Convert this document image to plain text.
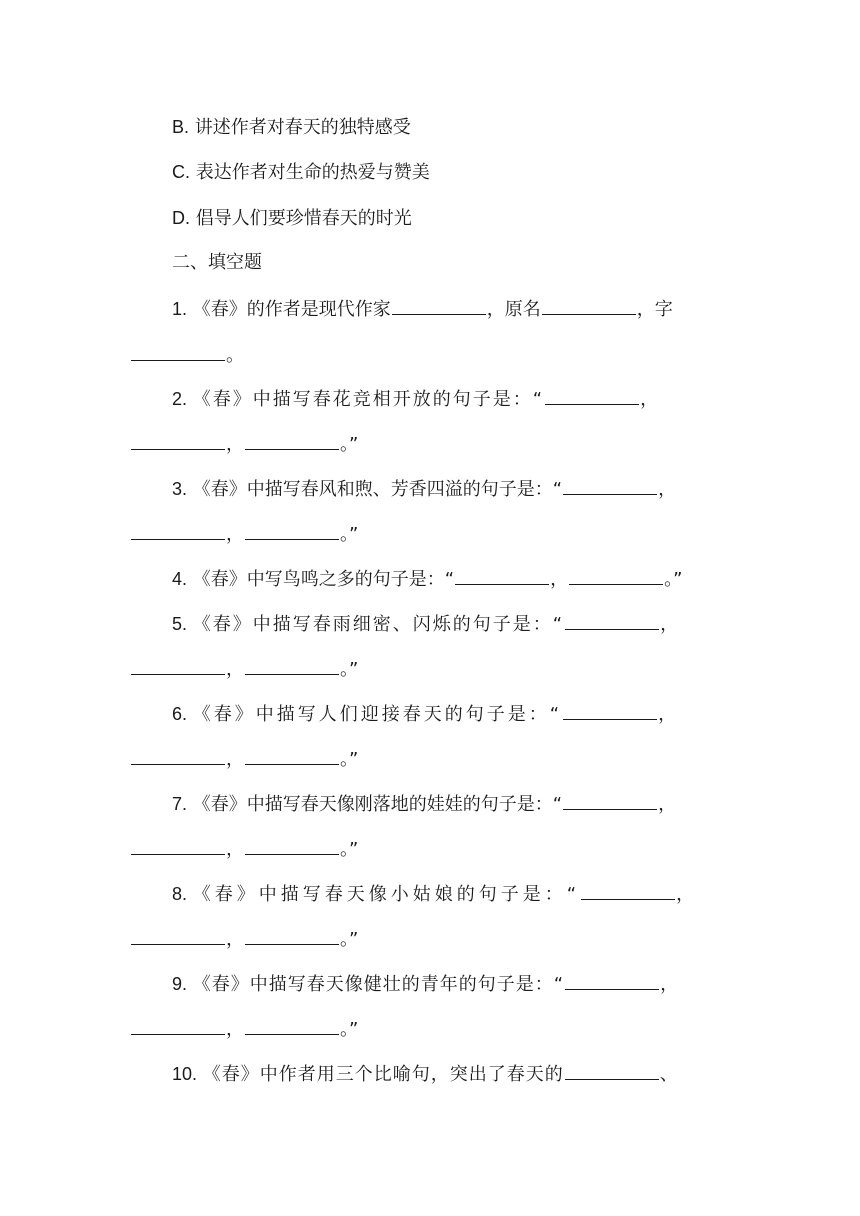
B. 讲述作者对春天的独特感受
C. 表达作者对生命的热爱与赞美
D. 倡导人们要珍惜春天的时光
二、填空题
1. 《春》的作者是现代作家	，原名	，字
。
2. 《春》中描写春花竞相开放的句子是：“	，
，	。”
3. 《春》中描写春风和煦、芳香四溢的句子是：“	，
，	。”
4. 《春》中写鸟鸣之多的句子是：“	，	。”
5. 《春》中描写春雨细密、闪烁的句子是：“	，
，	。”
6. 《春》中描写人们迎接春天的句子是：“	，
，	。”
7. 《春》中描写春天像刚落地的娃娃的句子是：“	，
，	。”
8. 《春》中描写春天像小姑娘的句子是：“	，
，	。”
9. 《春》中描写春天像健壮的青年的句子是：“	，
，	。”
10. 《春》中作者用三个比喻句，突出了春天的	、
